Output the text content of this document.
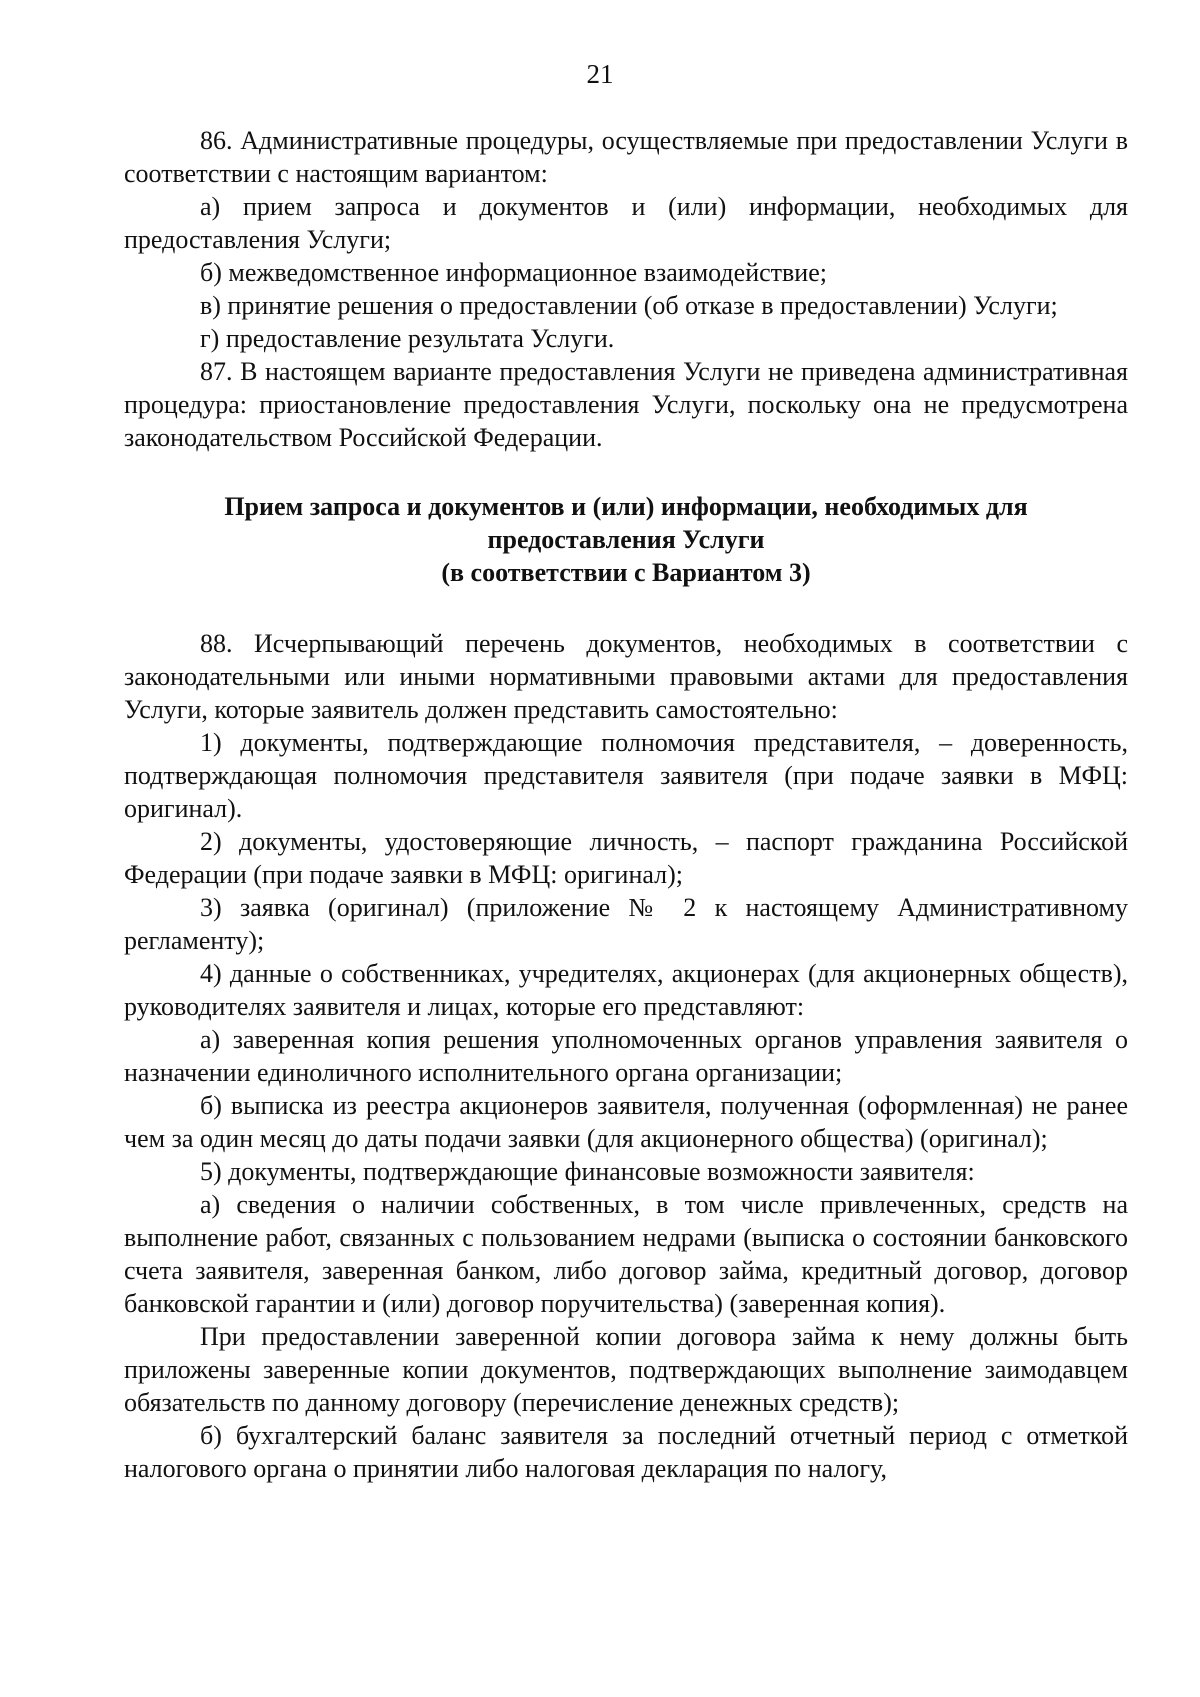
21

86. Административные процедуры, осуществляемые при предоставлении Услуги в соответствии с настоящим вариантом:

а) прием запроса и документов и (или) информации, необходимых для предоставления Услуги;

б) межведомственное информационное взаимодействие;

в) принятие решения о предоставлении (об отказе в предоставлении) Услуги;

г) предоставление результата Услуги.

87. В настоящем варианте предоставления Услуги не приведена административная процедура: приостановление предоставления Услуги, поскольку она не предусмотрена законодательством Российской Федерации.

Прием запроса и документов и (или) информации, необходимых для
предоставления Услуги
(в соответствии с Вариантом 3)

88. Исчерпывающий перечень документов, необходимых в соответствии с законодательными или иными нормативными правовыми актами для предоставления Услуги, которые заявитель должен представить самостоятельно:

1) документы, подтверждающие полномочия представителя, – доверенность, подтверждающая полномочия представителя заявителя (при подаче заявки в МФЦ: оригинал).

2) документы, удостоверяющие личность, – паспорт гражданина Российской Федерации (при подаче заявки в МФЦ: оригинал);

3) заявка (оригинал) (приложение № 2 к настоящему Административному регламенту);

4) данные о собственниках, учредителях, акционерах (для акционерных обществ), руководителях заявителя и лицах, которые его представляют:

а) заверенная копия решения уполномоченных органов управления заявителя о назначении единоличного исполнительного органа организации;

б) выписка из реестра акционеров заявителя, полученная (оформленная) не ранее чем за один месяц до даты подачи заявки (для акционерного общества) (оригинал);

5) документы, подтверждающие финансовые возможности заявителя:

а) сведения о наличии собственных, в том числе привлеченных, средств на выполнение работ, связанных с пользованием недрами (выписка о состоянии банковского счета заявителя, заверенная банком, либо договор займа, кредитный договор, договор банковской гарантии и (или) договор поручительства) (заверенная копия).

При предоставлении заверенной копии договора займа к нему должны быть приложены заверенные копии документов, подтверждающих выполнение заимодавцем обязательств по данному договору (перечисление денежных средств);

б) бухгалтерский баланс заявителя за последний отчетный период с отметкой налогового органа о принятии либо налоговая декларация по налогу,
